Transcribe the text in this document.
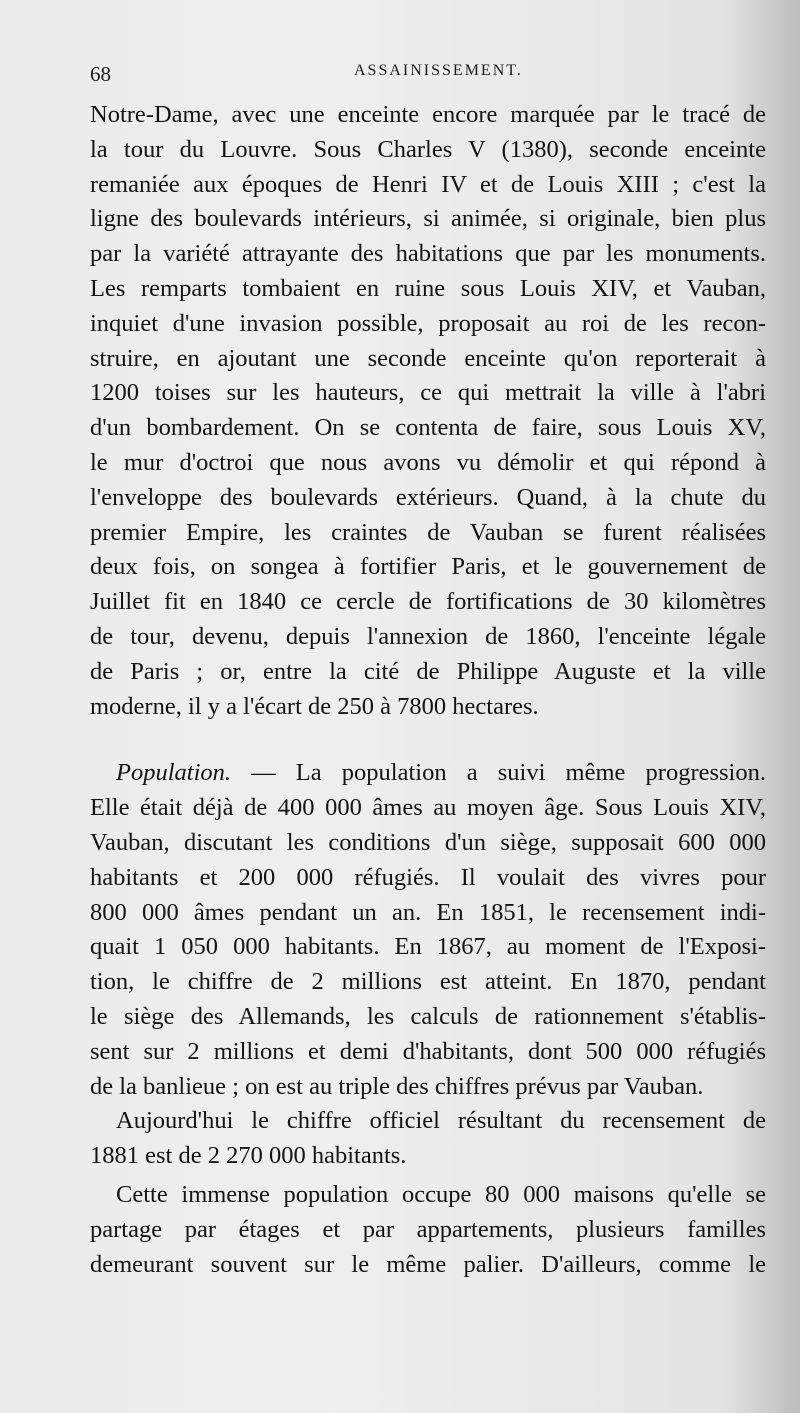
68	ASSAINISSEMENT.
Notre-Dame, avec une enceinte encore marquée par le tracé de
la tour du Louvre. Sous Charles V (1380), seconde enceinte
remaniée aux époques de Henri IV et de Louis XIII ; c'est la
ligne des boulevards intérieurs, si animée, si originale, bien plus
par la variété attrayante des habitations que par les monuments.
Les remparts tombaient en ruine sous Louis XIV, et Vauban,
inquiet d'une invasion possible, proposait au roi de les recon-
struire, en ajoutant une seconde enceinte qu'on reporterait à
1200 toises sur les hauteurs, ce qui mettrait la ville à l'abri
d'un bombardement. On se contenta de faire, sous Louis XV,
le mur d'octroi que nous avons vu démolir et qui répond à
l'enveloppe des boulevards extérieurs. Quand, à la chute du
premier Empire, les craintes de Vauban se furent réalisées
deux fois, on songea à fortifier Paris, et le gouvernement de
Juillet fit en 1840 ce cercle de fortifications de 30 kilomètres
de tour, devenu, depuis l'annexion de 1860, l'enceinte légale
de Paris ; or, entre la cité de Philippe Auguste et la ville
moderne, il y a l'écart de 250 à 7800 hectares.
Population. — La population a suivi même progression.
Elle était déjà de 400 000 âmes au moyen âge. Sous Louis XIV,
Vauban, discutant les conditions d'un siège, supposait 600 000
habitants et 200 000 réfugiés. Il voulait des vivres pour
800 000 âmes pendant un an. En 1851, le recensement indi-
quait 1 050 000 habitants. En 1867, au moment de l'Exposi-
tion, le chiffre de 2 millions est atteint. En 1870, pendant
le siège des Allemands, les calculs de rationnement s'établis-
sent sur 2 millions et demi d'habitants, dont 500 000 réfugiés
de la banlieue ; on est au triple des chiffres prévus par Vauban.
Aujourd'hui le chiffre officiel résultant du recensement de
1881 est de 2 270 000 habitants.
Cette immense population occupe 80 000 maisons qu'elle se
partage par étages et par appartements, plusieurs familles
demeurant souvent sur le même palier. D'ailleurs, comme le
